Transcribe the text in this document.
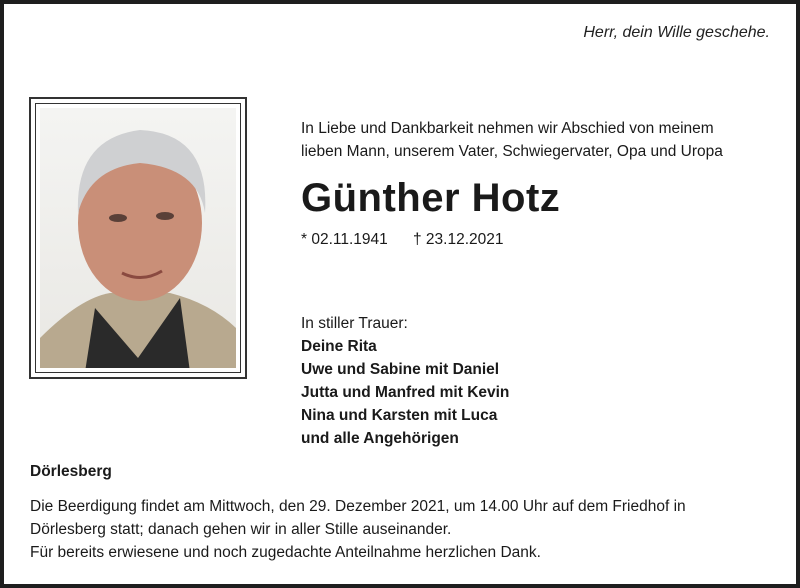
Herr, dein Wille geschehe.
In Liebe und Dankbarkeit nehmen wir Abschied von meinem
lieben Mann, unserem Vater, Schwiegervater, Opa und Uropa
Günther Hotz
* 02.11.1941 † 23.12.2021
In stiller Trauer:
Deine Rita
Uwe und Sabine mit Daniel
Jutta und Manfred mit Kevin
Nina und Karsten mit Luca
und alle Angehörigen
Dörlesberg
Die Beerdigung findet am Mittwoch, den 29. Dezember 2021, um 14.00 Uhr auf dem Friedhof in
Dörlesberg statt; danach gehen wir in aller Stille auseinander.
Für bereits erwiesene und noch zugedachte Anteilnahme herzlichen Dank.
